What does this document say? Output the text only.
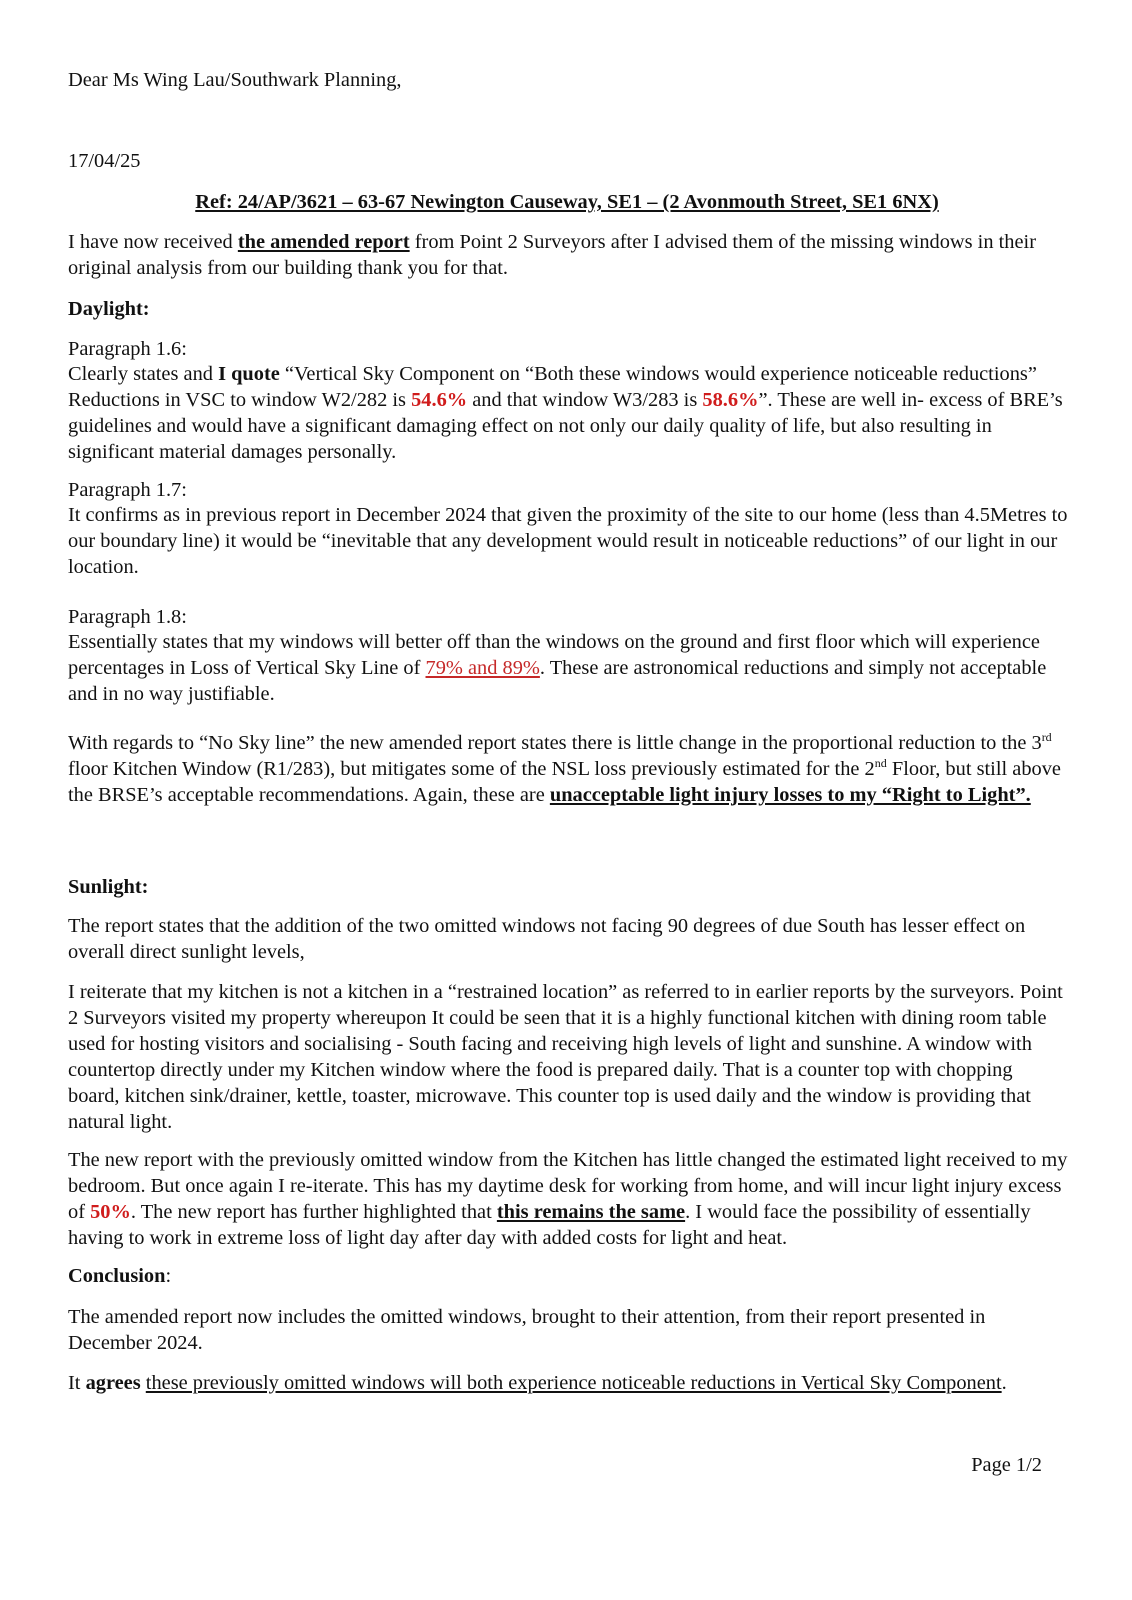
Dear Ms Wing Lau/Southwark Planning,

17/04/25

Ref: 24/AP/3621 – 63-67 Newington Causeway, SE1 – (2 Avonmouth Street, SE1 6NX)

I have now received the amended report from Point 2 Surveyors after I advised them of the missing windows in their original analysis from our building thank you for that.

Daylight:

Paragraph 1.6:

Clearly states and I quote “Vertical Sky Component on “Both these windows would experience noticeable reductions” Reductions in VSC to window W2/282 is 54.6% and that window W3/283 is 58.6%”. These are well in- excess of BRE’s guidelines and would have a significant damaging effect on not only our daily quality of life, but also resulting in significant material damages personally.

Paragraph 1.7:

It confirms as in previous report in December 2024 that given the proximity of the site to our home (less than 4.5Metres to our boundary line) it would be “inevitable that any development would result in noticeable reductions” of our light in our location.

Paragraph 1.8:

Essentially states that my windows will better off than the windows on the ground and first floor which will experience percentages in Loss of Vertical Sky Line of 79% and 89%. These are astronomical reductions and simply not acceptable and in no way justifiable.

With regards to “No Sky line” the new amended report states there is little change in the proportional reduction to the 3rd floor Kitchen Window (R1/283), but mitigates some of the NSL loss previously estimated for the 2nd Floor, but still above the BRSE’s acceptable recommendations. Again, these are unacceptable light injury losses to my “Right to Light”.

Sunlight:

The report states that the addition of the two omitted windows not facing 90 degrees of due South has lesser effect on overall direct sunlight levels,

I reiterate that my kitchen is not a kitchen in a “restrained location” as referred to in earlier reports by the surveyors. Point 2 Surveyors visited my property whereupon It could be seen that it is a highly functional kitchen with dining room table used for hosting visitors and socialising - South facing and receiving high levels of light and sunshine. A window with countertop directly under my Kitchen window where the food is prepared daily. That is a counter top with chopping board, kitchen sink/drainer, kettle, toaster, microwave. This counter top is used daily and the window is providing that natural light.

The new report with the previously omitted window from the Kitchen has little changed the estimated light received to my bedroom. But once again I re-iterate. This has my daytime desk for working from home, and will incur light injury excess of 50%. The new report has further highlighted that this remains the same. I would face the possibility of essentially having to work in extreme loss of light day after day with added costs for light and heat.

Conclusion:

The amended report now includes the omitted windows, brought to their attention, from their report presented in December 2024.

It agrees these previously omitted windows will both experience noticeable reductions in Vertical Sky Component.

Page 1/2
